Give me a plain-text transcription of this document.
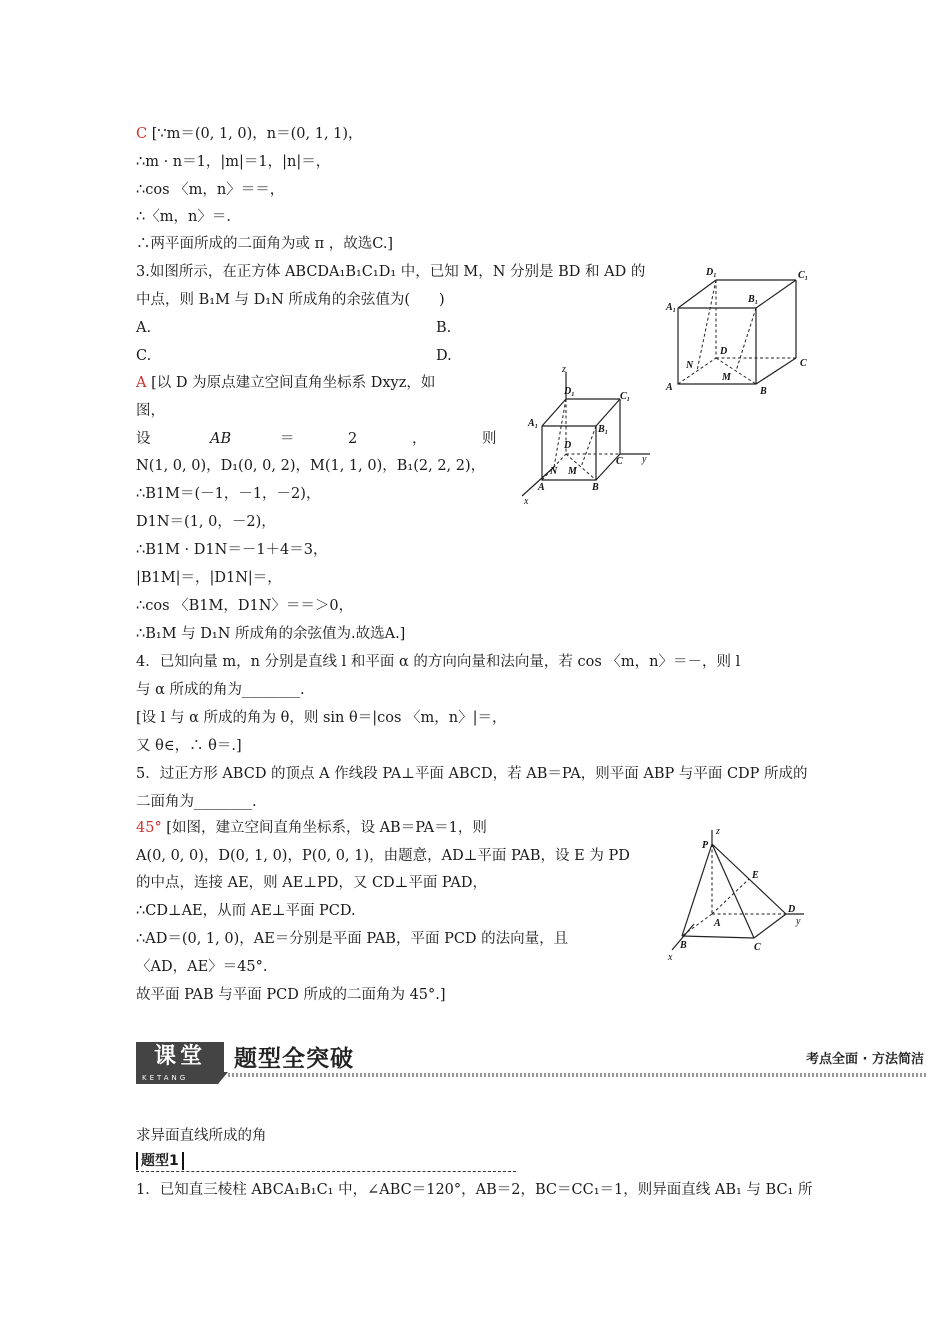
C [∵m＝(0, 1, 0)，n＝(0, 1, 1)，
∴m · n＝1，|m|＝1，|n|＝，
∴cos 〈m，n〉＝＝，
∴〈m，n〉＝.
∴两平面所成的二面角为或 π ，故选C.]
3.如图所示，在正方体 ABCDA₁B₁C₁D₁ 中，已知 M，N 分别是 BD 和 AD 的
中点，则 B₁M 与 D₁N 所成角的余弦值为(　　)
A [以 D 为原点建立空间直角坐标系 Dxyz，如
图，
N(1, 0, 0)，D₁(0, 0, 2)，M(1, 1, 0)，B₁(2, 2, 2)，
∴B1M＝(－1，－1，－2)，
D1N＝(1, 0，－2)，
∴B1M · D1N＝－1＋4＝3，
|B1M|＝，|D1N|＝，
∴cos 〈B1M，D1N〉＝＝＞0，
∴B₁M 与 D₁N 所成角的余弦值为.故选A.]
4．已知向量 m，n 分别是直线 l 和平面 α 的方向向量和法向量，若 cos 〈m，n〉＝－，则 l
与 α 所成的角为________.
[设 l 与 α 所成的角为 θ，则 sin θ＝|cos 〈m，n〉|＝，
又 θ∈，∴ θ＝.]
5．过正方形 ABCD 的顶点 A 作线段 PA⊥平面 ABCD，若 AB＝PA，则平面 ABP 与平面 CDP 所成的
二面角为________.
45° [如图，建立空间直角坐标系，设 AB＝PA＝1，则
A(0, 0, 0)，D(0, 1, 0)，P(0, 0, 1)，由题意，AD⊥平面 PAB，设 E 为 PD
的中点，连接 AE，则 AE⊥PD，又 CD⊥平面 PAD，
∴CD⊥AE，从而 AE⊥平面 PCD.
∴AD＝(0, 1, 0)，AE＝分别是平面 PAB，平面 PCD 的法向量，且
〈AD，AE〉＝45°.
故平面 PAB 与平面 PCD 所成的二面角为 45°.]
A.	B.
C.	D.
设	AB	＝	2	，	则
A	B
C
D
A₁
B₁
C₁
D₁
M
N
A	B
C
D
A₁
B₁
C₁
D₁
M
N
x
y
z
P
A
B	C
D
E
x
y
z
课堂
KETANG
题型全突破	考点全面 · 方法简洁
求异面直线所成的角
题型1
1．已知直三棱柱 ABCA₁B₁C₁ 中，∠ABC＝120°，AB＝2，BC＝CC₁＝1，则异面直线 AB₁ 与 BC₁ 所
